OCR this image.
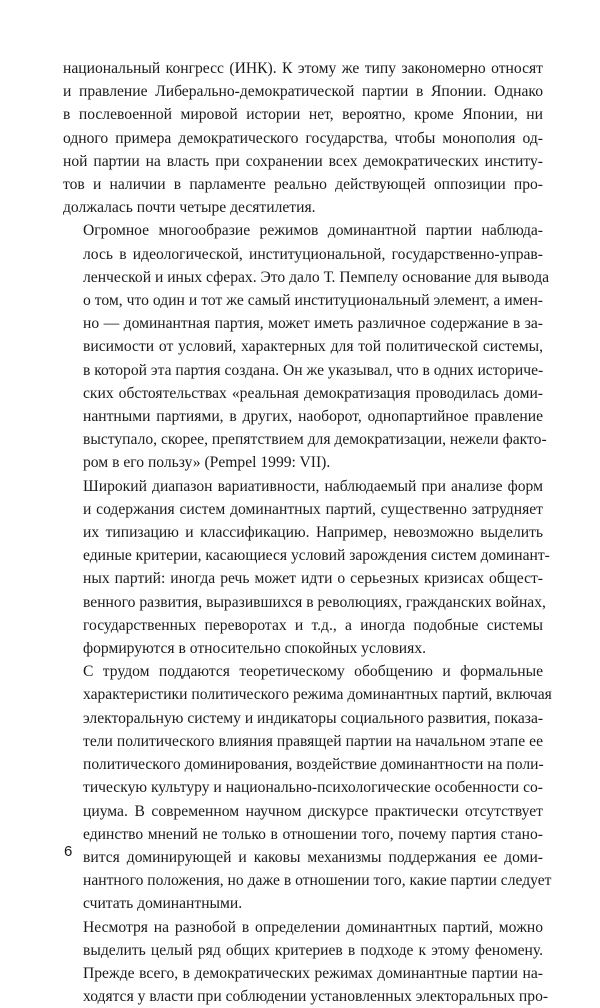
национальный конгресс (ИНК). К этому же типу закономерно относят
и правление Либерально-демократической партии в Японии. Однако
в послевоенной мировой истории нет, вероятно, кроме Японии, ни
одного примера демократического государства, чтобы монополия од-
ной партии на власть при сохранении всех демократических институ-
тов и наличии в парламенте реально действующей оппозиции про-
должалась почти четыре десятилетия.

Огромное многообразие режимов доминантной партии наблюда-
лось в идеологической, институциональной, государственно-управ-
ленческой и иных сферах. Это дало Т. Пемпелу основание для вывода
о том, что один и тот же самый институциональный элемент, а имен-
но — доминантная партия, может иметь различное содержание в за-
висимости от условий, характерных для той политической системы,
в которой эта партия создана. Он же указывал, что в одних историче-
ских обстоятельствах «реальная демократизация проводилась доми-
нантными партиями, в других, наоборот, однопартийное правление
выступало, скорее, препятствием для демократизации, нежели факто-
ром в его пользу» (Pempel 1999: VII).

Широкий диапазон вариативности, наблюдаемый при анализе форм
и содержания систем доминантных партий, существенно затрудняет
их типизацию и классификацию. Например, невозможно выделить
единые критерии, касающиеся условий зарождения систем доминант-
ных партий: иногда речь может идти о серьезных кризисах общест-
венного развития, выразившихся в революциях, гражданских войнах,
государственных переворотах и т.д., а иногда подобные системы
формируются в относительно спокойных условиях.

С трудом поддаются теоретическому обобщению и формальные
характеристики политического режима доминантных партий, включая
электоральную систему и индикаторы социального развития, показа-
тели политического влияния правящей партии на начальном этапе ее
политического доминирования, воздействие доминантности на поли-
тическую культуру и национально-психологические особенности со-
циума. В современном научном дискурсе практически отсутствует
единство мнений не только в отношении того, почему партия стано-
вится доминирующей и каковы механизмы поддержания ее доми-
нантного положения, но даже в отношении того, какие партии следует
считать доминантными.

Несмотря на разнобой в определении доминантных партий, можно
выделить целый ряд общих критериев в подходе к этому феномену.
Прежде всего, в демократических режимах доминантные партии на-
ходятся у власти при соблюдении установленных электоральных про-

6
